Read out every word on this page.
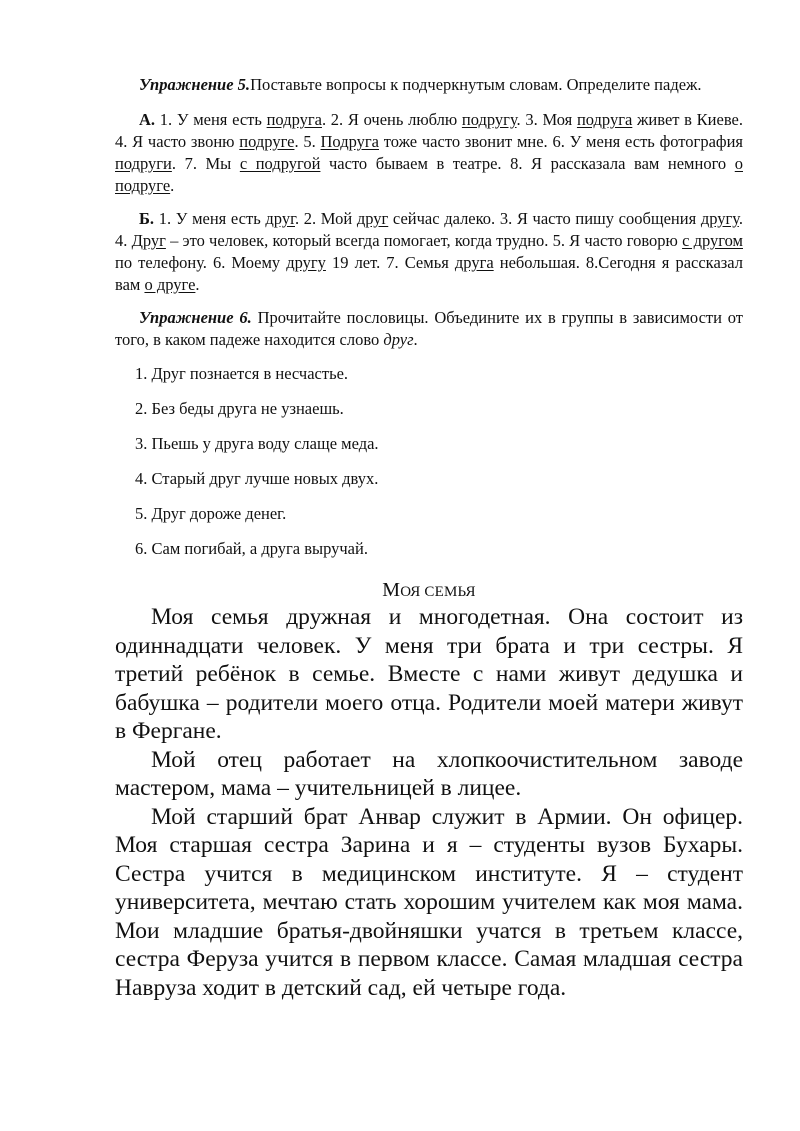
Упражнение 5.Поставьте вопросы к подчеркнутым словам. Определите падеж.

А. 1. У меня есть подруга. 2. Я очень люблю подругу. 3. Моя подруга живет в Киеве. 4. Я часто звоню подруге. 5. Подруга тоже часто звонит мне. 6. У меня есть фотография подруги. 7. Мы с подругой часто бываем в театре. 8. Я рассказала вам немного о подруге.

Б. 1. У меня есть друг. 2. Мой друг сейчас далеко. 3. Я часто пишу сообщения другу. 4. Друг – это человек, который всегда помогает, когда трудно. 5. Я часто говорю с другом по телефону. 6. Моему другу 19 лет. 7. Семья друга небольшая. 8.Сегодня я рассказал вам о друге.

Упражнение 6. Прочитайте пословицы. Объедините их в группы в зависимости от того, в каком падеже находится слово друг.

1. Друг познается в несчастье.
2. Без беды друга не узнаешь.
3. Пьешь у друга воду слаще меда.
4. Старый друг лучше новых двух.
5. Друг дороже денег.
6. Сам погибай, а друга выручай.
МОЯ СЕМЬЯ

Моя семья дружная и многодетная. Она состоит из одиннадцати человек. У меня три брата и три сестры. Я третий ребёнок в семье. Вместе с нами живут дедушка и бабушка – родители моего отца. Родители моей матери живут в Фергане.

Мой отец работает на хлопкоочистительном заводе мастером, мама – учительницей в лицее.

Мой старший брат Анвар служит в Армии. Он офицер. Моя старшая сестра Зарина и я – студенты вузов Бухары. Сестра учится в медицинском институте. Я – студент университета, мечтаю стать хорошим учителем как моя мама. Мои младшие братья-двойняшки учатся в третьем классе, сестра Феруза учится в первом классе. Самая младшая сестра Навруза ходит в детский сад, ей четыре года.
